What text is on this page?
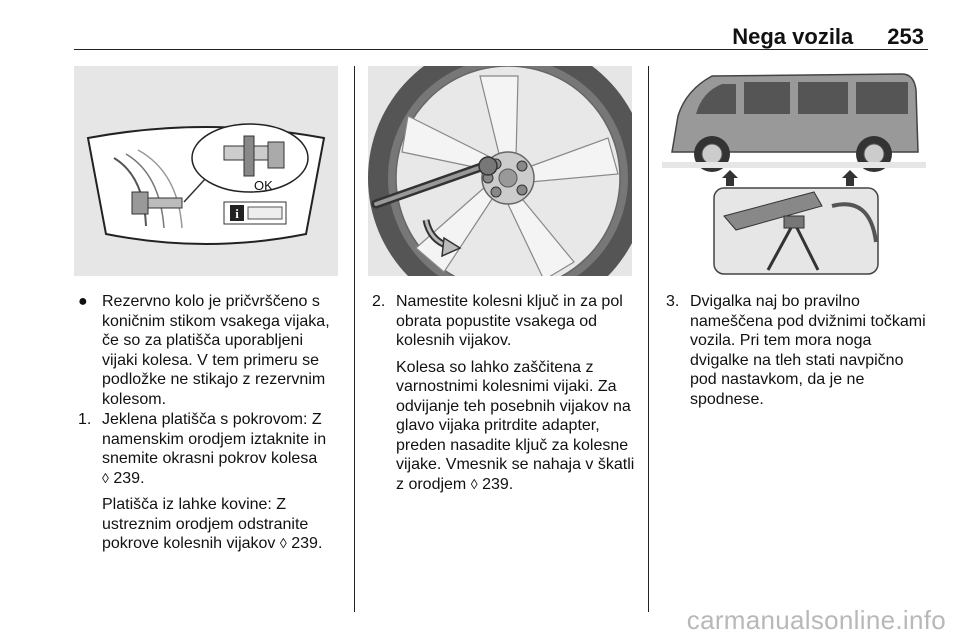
Nega vozila 253
OK
i
● Rezervno kolo je pričvrščeno s koničnim stikom vsakega vijaka, če so za platišča uporabljeni vijaki kolesa. V tem primeru se podložke ne stikajo z rezervnim kolesom.
1. Jeklena platišča s pokrovom: Z namenskim orodjem iztaknite in snemite okrasni pokrov kolesa
◊ 239.
Platišča iz lahke kovine: Z ustreznim orodjem odstranite pokrove kolesnih vijakov ◊ 239.
2. Namestite kolesni ključ in za pol obrata popustite vsakega od kolesnih vijakov.
Kolesa so lahko zaščitena z varnostnimi kolesnimi vijaki. Za odvijanje teh posebnih vijakov na glavo vijaka pritrdite adapter, preden nasadite ključ za kolesne vijake. Vmesnik se nahaja v škatli z orodjem ◊ 239.
3. Dvigalka naj bo pravilno nameščena pod dvižnimi točkami vozila. Pri tem mora noga dvigalke na tleh stati navpično pod nastavkom, da je ne spodnese.
carmanualsonline.info
